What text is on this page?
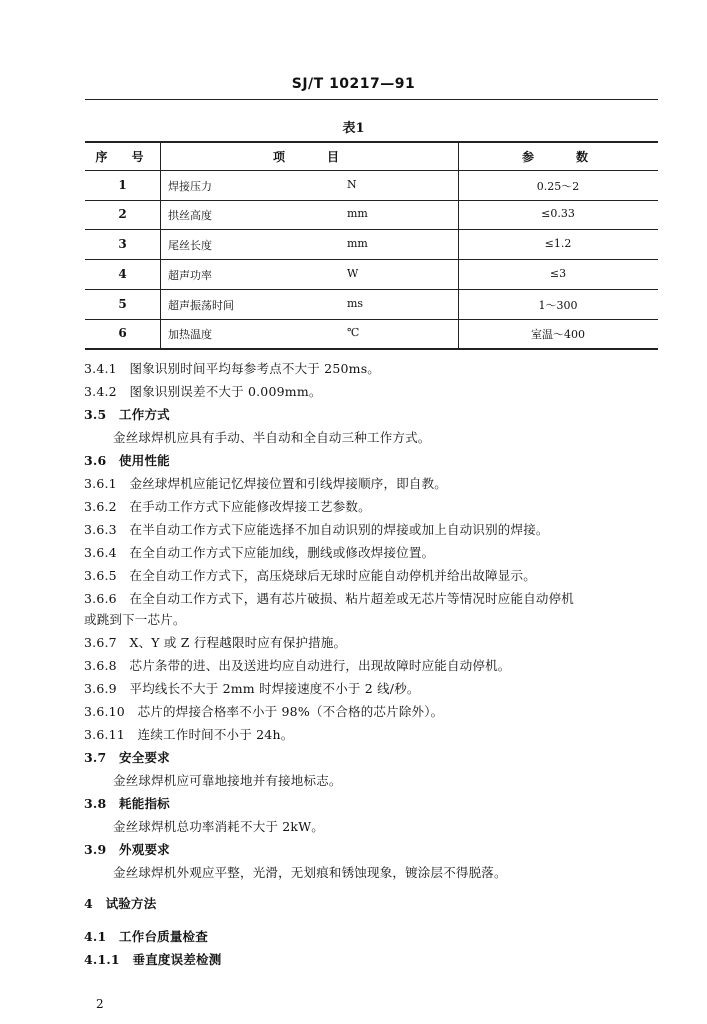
SJ/T 10217—91
表1
序　号	项　　目	参　　数
1	焊接压力	N	0.25～2
2	拱丝高度	mm	≤0.33
3	尾丝长度	mm	≤1.2
4	超声功率	W	≤3
5	超声振荡时间	ms	1～300
6	加热温度	℃	室温～400
3.4.1　图象识别时间平均每参考点不大于 250ms。
3.4.2　图象识别误差不大于 0.009mm。
3.5　工作方式
金丝球焊机应具有手动、半自动和全自动三种工作方式。
3.6　使用性能
3.6.1　金丝球焊机应能记忆焊接位置和引线焊接顺序，即自教。
3.6.2　在手动工作方式下应能修改焊接工艺参数。
3.6.3　在半自动工作方式下应能选择不加自动识别的焊接或加上自动识别的焊接。
3.6.4　在全自动工作方式下应能加线，删线或修改焊接位置。
3.6.5　在全自动工作方式下，高压烧球后无球时应能自动停机并给出故障显示。
3.6.6　在全自动工作方式下，遇有芯片破损、粘片超差或无芯片等情况时应能自动停机
或跳到下一芯片。
3.6.7　X、Y 或 Z 行程越限时应有保护措施。
3.6.8　芯片条带的进、出及送进均应自动进行，出现故障时应能自动停机。
3.6.9　平均线长不大于 2mm 时焊接速度不小于 2 线/秒。
3.6.10　芯片的焊接合格率不小于 98%（不合格的芯片除外）。
3.6.11　连续工作时间不小于 24h。
3.7　安全要求
金丝球焊机应可靠地接地并有接地标志。
3.8　耗能指标
金丝球焊机总功率消耗不大于 2kW。
3.9　外观要求
金丝球焊机外观应平整，光滑，无划痕和锈蚀现象，镀涂层不得脱落。
4　试验方法
4.1　工作台质量检查
4.1.1　垂直度误差检测
2
